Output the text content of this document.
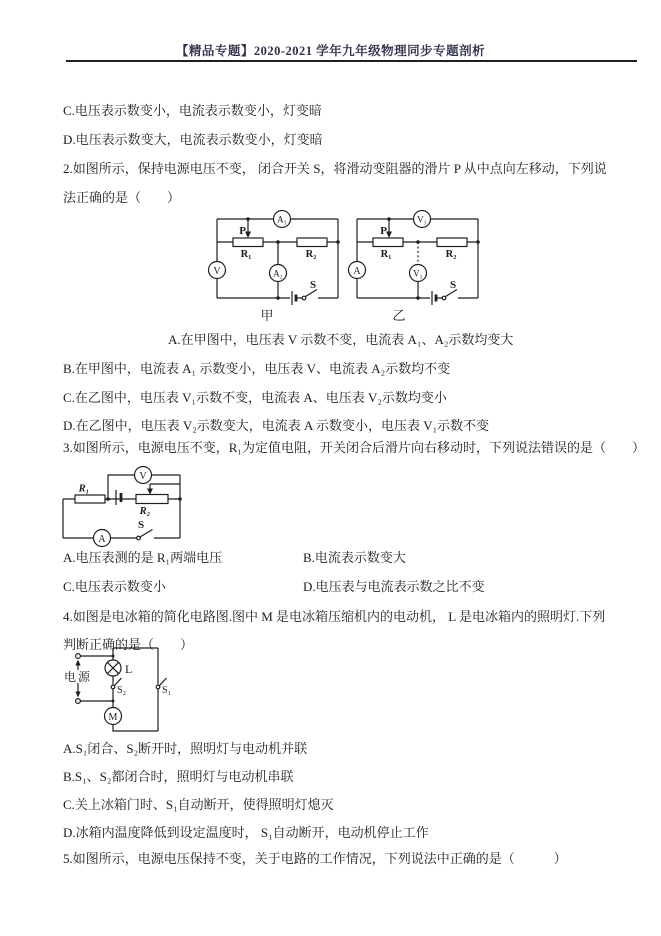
【精品专题】2020-2021 学年九年级物理同步专题剖析
C.电压表示数变小，电流表示数变小，灯变暗
D.电压表示数变大，电流表示数变小，灯变暗
2.如图所示，保持电源电压不变， 闭合开关 S，将滑动变阻器的滑片 P 从中点向左移动，下列说
法正确的是（　　）
A₁
V	A₂
P
R₁	R₂
S
甲
V₁
A	V₂
P
R₁	R₂
S
乙
A.在甲图中，电压表 V 示数不变，电流表 A₁、A₂示数均变大
B.在甲图中，电流表 A₁ 示数变小，电压表 V、电流表 A₂示数均不变
C.在乙图中，电压表 V₁示数不变，电流表 A、电压表 V₂示数均变小
D.在乙图中，电压表 V₂示数变大，电流表 A 示数变小，电压表 V₁示数不变
3.如图所示，电源电压不变，R₁为定值电阻，开关闭合后滑片向右移动时，下列说法错误的是（　　）
V
A
R₁
R₂
S
A.电压表测的是 R₁两端电压	B.电流表示数变大
C.电压表示数变小	D.电压表与电流表示数之比不变
4.如图是电冰箱的简化电路图.图中 M 是电冰箱压缩机内的电动机， L 是电冰箱内的照明灯.下列
判断正确的是（　　）
电源
L
S₂
M
S₁
A.S₁闭合、S₂断开时，照明灯与电动机并联
B.S₁、S₂都闭合时，照明灯与电动机串联
C.关上冰箱门时、S₁自动断开，使得照明灯熄灭
D.冰箱内温度降低到设定温度时， S₁自动断开，电动机停止工作
5.如图所示，电源电压保持不变，关于电路的工作情况，下列说法中正确的是（　　　）
